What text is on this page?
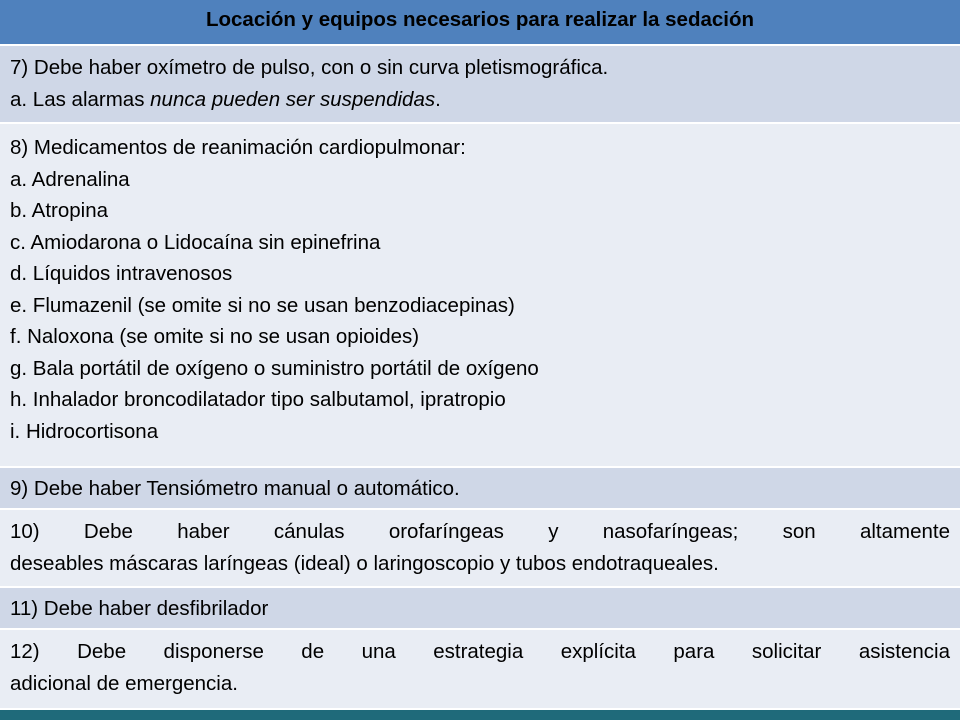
Locación y equipos necesarios para realizar la sedación
7) Debe haber oxímetro de pulso, con o sin curva pletismográfica.
a. Las alarmas nunca pueden ser suspendidas.
8) Medicamentos de reanimación cardiopulmonar:
a. Adrenalina
b. Atropina
c. Amiodarona o Lidocaína sin epinefrina
d. Líquidos intravenosos
e. Flumazenil (se omite si no se usan benzodiacepinas)
f. Naloxona (se omite si no se usan opioides)
g. Bala portátil de oxígeno o suministro portátil de oxígeno
h. Inhalador broncodilatador tipo salbutamol, ipratropio
i. Hidrocortisona
9) Debe haber Tensiómetro manual o automático.
10) Debe haber cánulas orofaríngeas y nasofaríngeas; son altamente
deseables máscaras laríngeas (ideal) o laringoscopio y tubos endotraqueales.
11) Debe haber desfibrilador
12) Debe disponerse de una estrategia explícita para solicitar asistencia
adicional de emergencia.
